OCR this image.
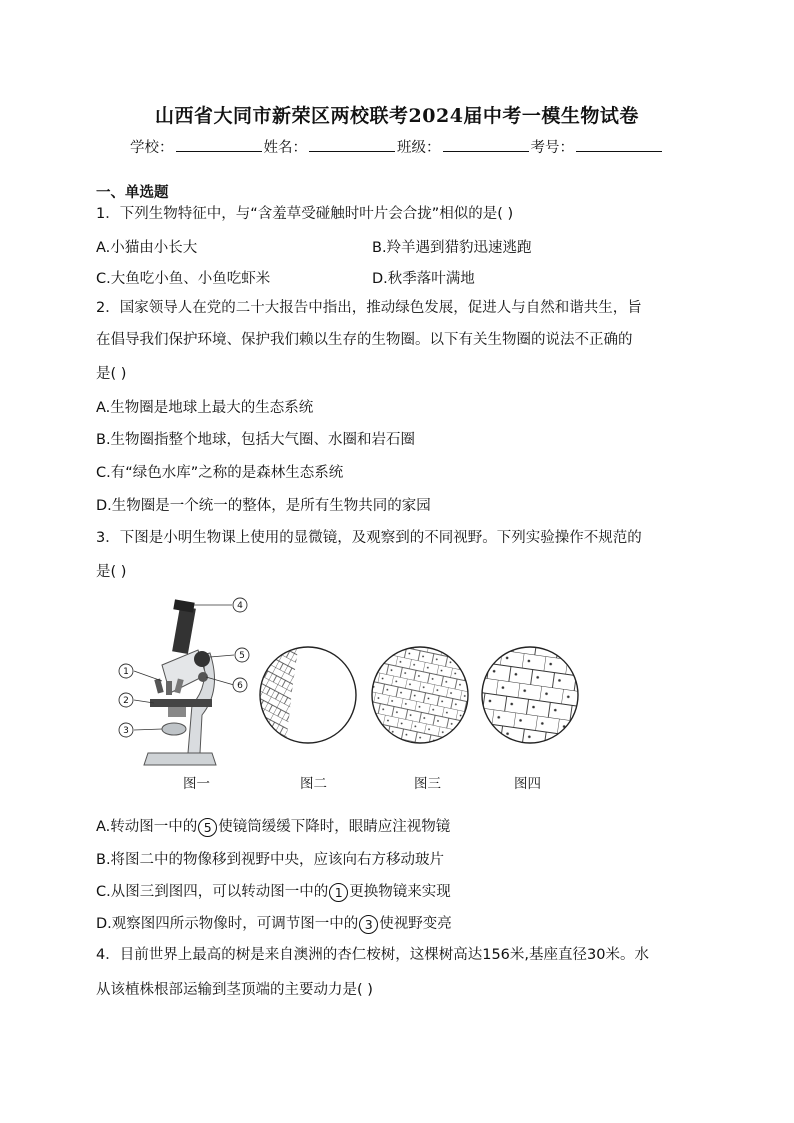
山西省大同市新荣区两校联考2024届中考一模生物试卷
学校：	姓名：	班级：	考号：
一、单选题
1．下列生物特征中，与“含羞草受碰触时叶片会合拢”相似的是( )
A.小猫由小长大	B.羚羊遇到猎豹迅速逃跑
C.大鱼吃小鱼、小鱼吃虾米	D.秋季落叶满地
2．国家领导人在党的二十大报告中指出，推动绿色发展，促进人与自然和谐共生，旨
在倡导我们保护环境、保护我们赖以生存的生物圈。以下有关生物圈的说法不正确的
是( )
A.生物圈是地球上最大的生态系统
B.生物圈指整个地球，包括大气圈、水圈和岩石圈
C.有“绿色水库”之称的是森林生态系统
D.生物圈是一个统一的整体，是所有生物共同的家园
3．下图是小明生物课上使用的显微镜，及观察到的不同视野。下列实验操作不规范的
是( )
4
5
6
1
2
3
图一	图二	图三	图四
A.转动图一中的 5 使镜筒缓缓下降时，眼睛应注视物镜
B.将图二中的物像移到视野中央，应该向右方移动玻片
C.从图三到图四，可以转动图一中的 1 更换物镜来实现
D.观察图四所示物像时，可调节图一中的 3 使视野变亮
4．目前世界上最高的树是来自澳洲的杏仁桉树，这棵树高达156米,基座直径30米。水
从该植株根部运输到茎顶端的主要动力是( )
